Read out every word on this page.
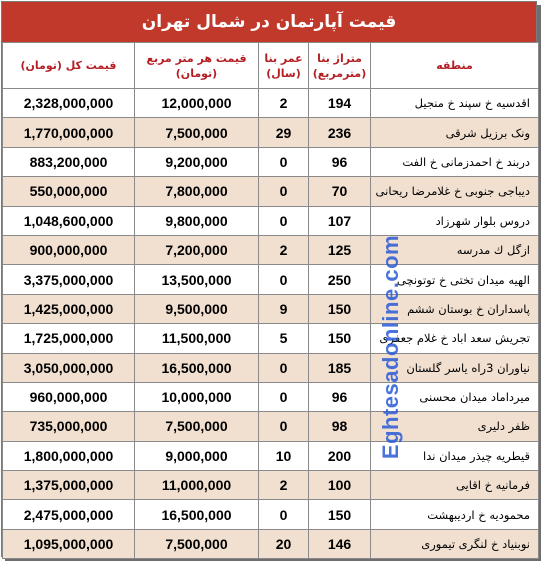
قیمت آپارتمان در شمال تهران
منطقه	متراژ بنا (مترمربع)	عمر بنا (سال)	قیمت هر متر مربع (تومان)	قیمت کل (تومان)
اقدسیه خ سپند خ منجیل	194	2	12,000,000	2,328,000,000
ونک برزیل شرقی	236	29	7,500,000	1,770,000,000
دربند خ احمدزمانی خ الفت	96	0	9,200,000	883,200,000
دیباجی جنوبی خ غلامرضا ریحانی	70	0	7,800,000	550,000,000
دروس بلوار شهرزاد	107	0	9,800,000	1,048,600,000
ازگل ك مدرسه	125	2	7,200,000	900,000,000
الهیه میدان تختی خ توتونچی	250	0	13,500,000	3,375,000,000
پاسداران خ بوستان ششم	150	9	9,500,000	1,425,000,000
تجریش سعد اباد خ غلام جعفری	150	5	11,500,000	1,725,000,000
نیاوران 3راه یاسر گلستان	185	0	16,500,000	3,050,000,000
میرداماد میدان محسنی	96	0	10,000,000	960,000,000
ظفر دلیری	98	0	7,500,000	735,000,000
قیطریه چیذر میدان ندا	200	10	9,000,000	1,800,000,000
فرمانیه خ اقایی	100	2	11,000,000	1,375,000,000
محمودیه خ اردیبهشت	150	0	16,500,000	2,475,000,000
نوبنیاد خ لنگری تیموری	146	20	7,500,000	1,095,000,000
Eghtesadonline.com
